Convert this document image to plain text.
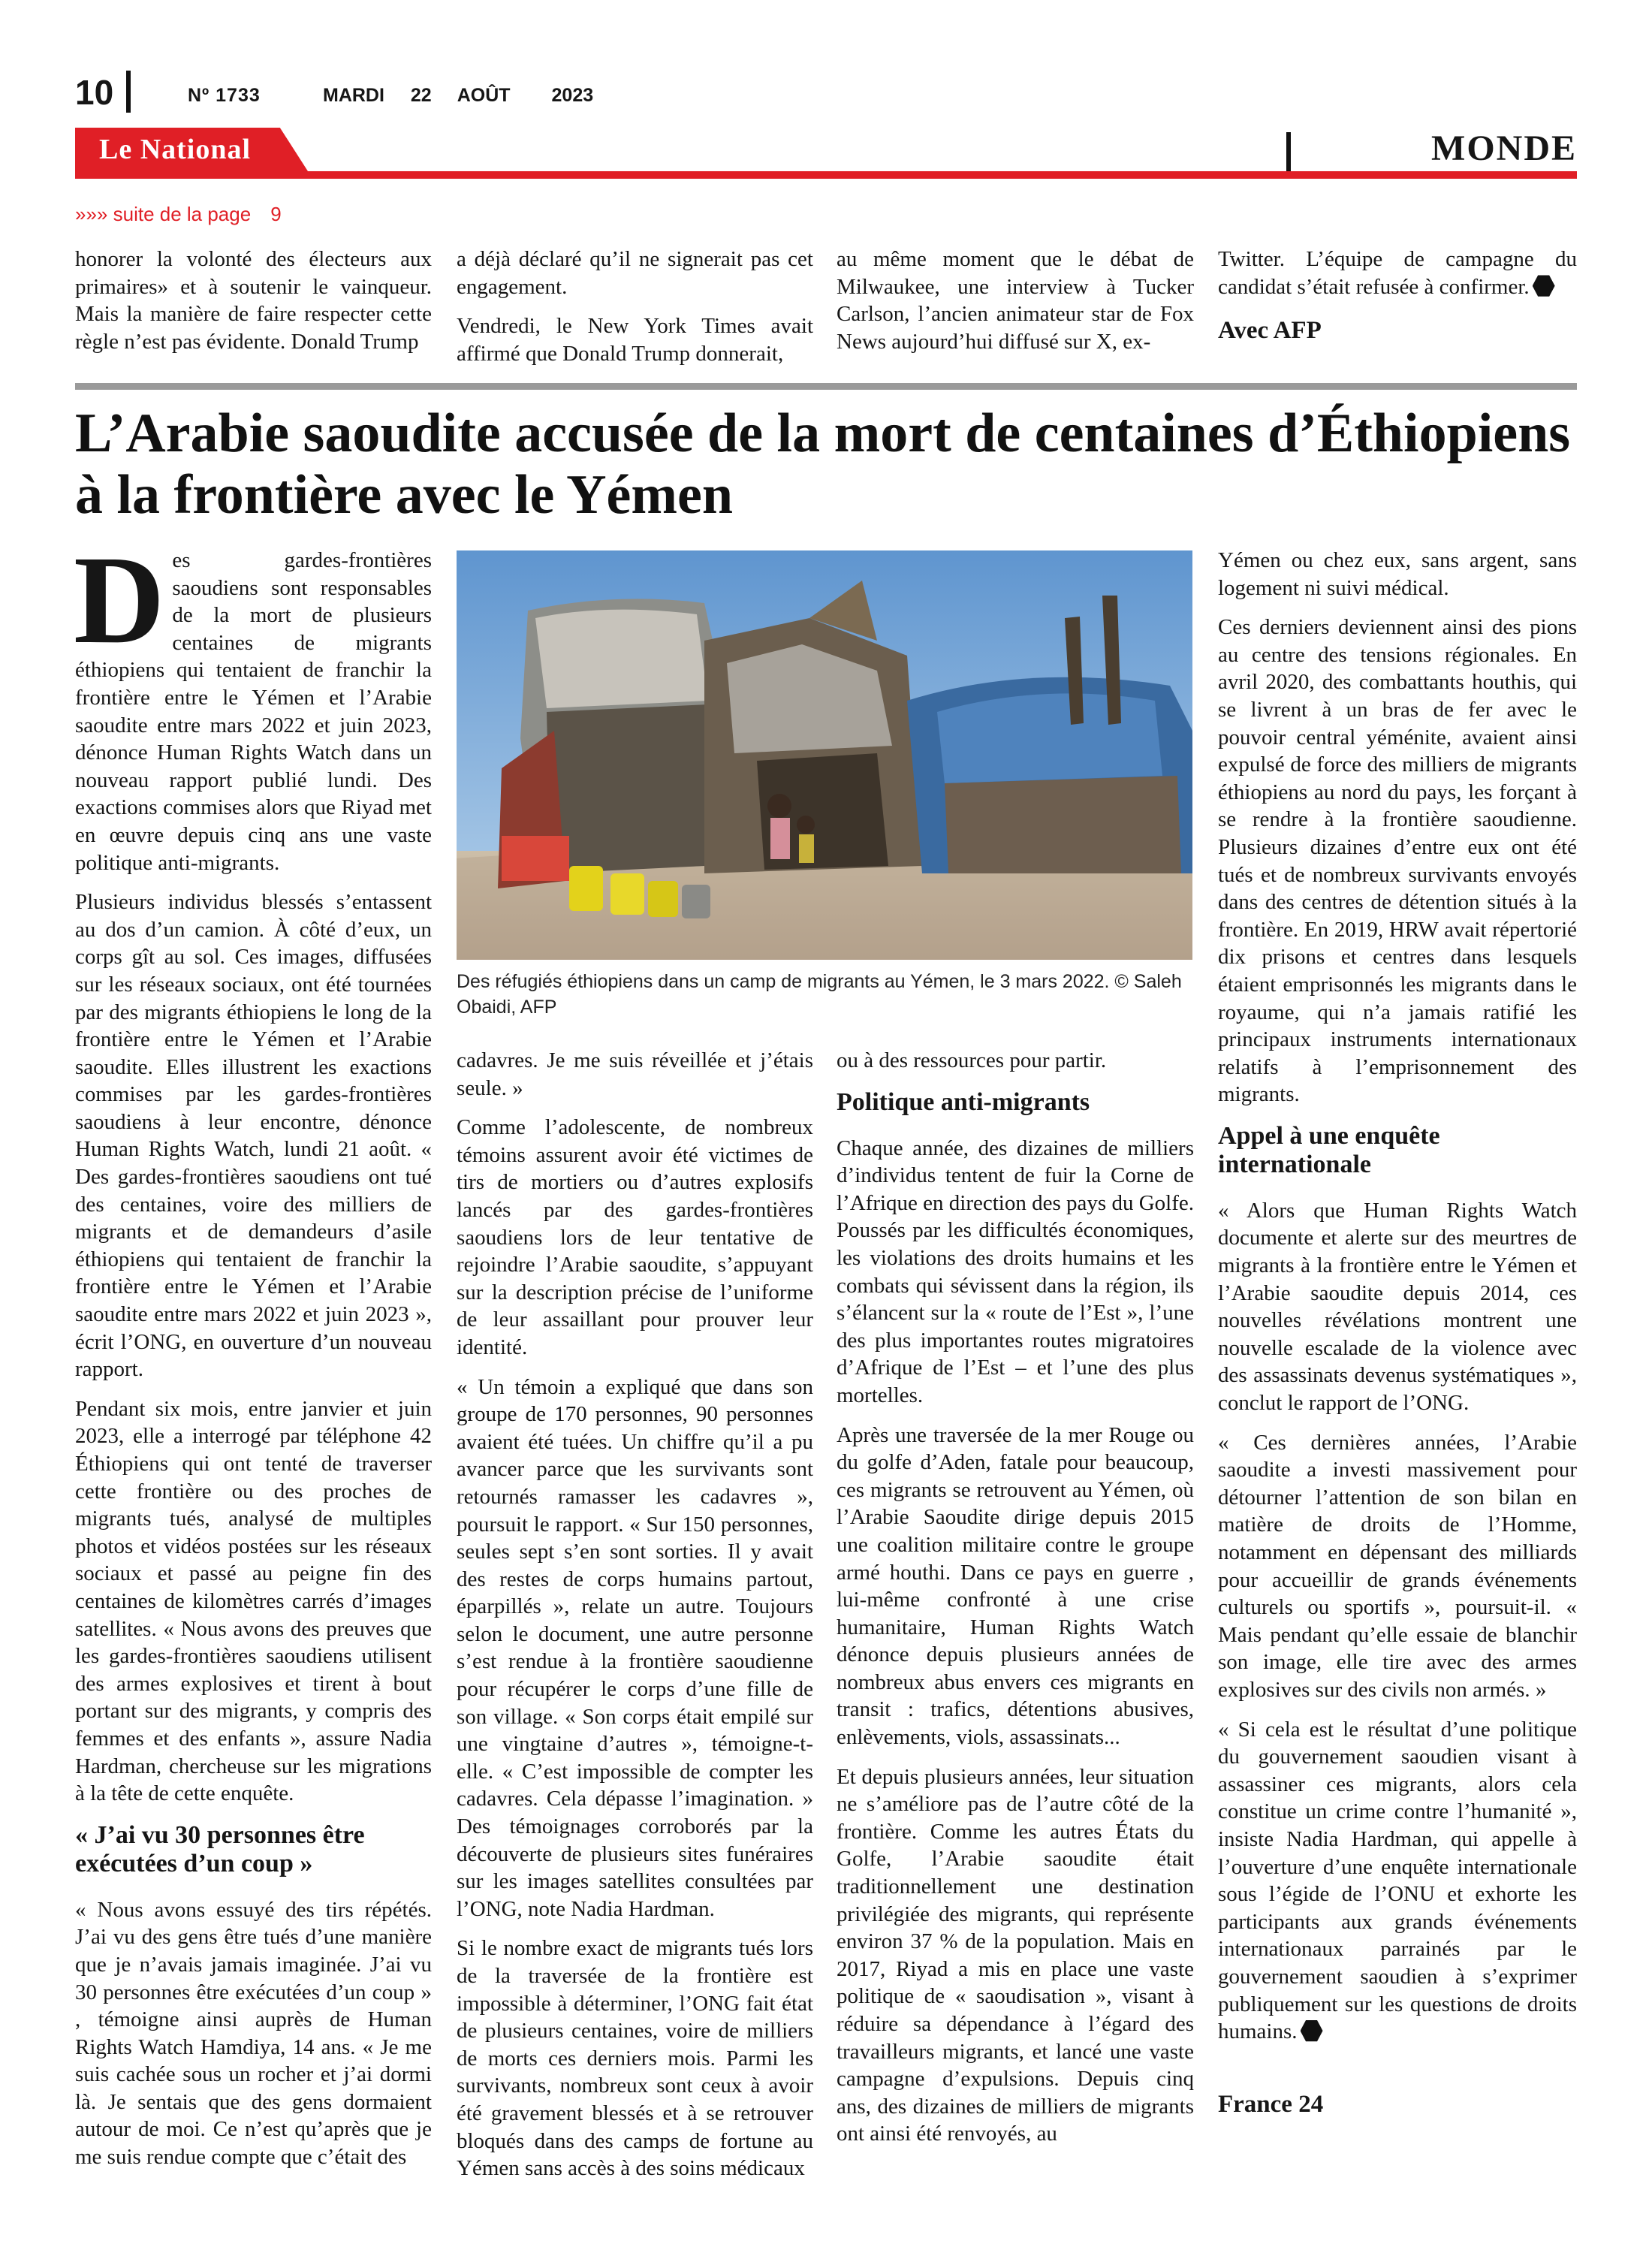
10	Nº 1733	MARDI 22 AOÛT 2023
Le National	MONDE
»»» suite de la page 9

honorer la volonté des électeurs aux primaires» et à soutenir le vainqueur. Mais la manière de faire respecter cette règle n’est pas évidente. Donald Trump

a déjà déclaré qu’il ne signerait pas cet engagement.

Vendredi, le New York Times avait affirmé que Donald Trump donnerait,

au même moment que le débat de Milwaukee, une interview à Tucker Carlson, l’ancien animateur star de Fox News aujourd’hui diffusé sur X, ex-

Twitter. L’équipe de campagne du candidat s’était refusée à confirmer.

Avec AFP

L’Arabie saoudite accusée de la mort de centaines d’Éthiopiens à la frontière avec le Yémen

Des gardes-frontières saoudiens sont responsables de la mort de plusieurs centaines de migrants éthiopiens qui tentaient de franchir la frontière entre le Yémen et l’Arabie saoudite entre mars 2022 et juin 2023, dénonce Human Rights Watch dans un nouveau rapport publié lundi. Des exactions commises alors que Riyad met en œuvre depuis cinq ans une vaste politique anti-migrants.

Plusieurs individus blessés s’entassent au dos d’un camion. À côté d’eux, un corps gît au sol. Ces images, diffusées sur les réseaux sociaux, ont été tournées par des migrants éthiopiens le long de la frontière entre le Yémen et l’Arabie saoudite. Elles illustrent les exactions commises par les gardes-frontières saoudiens à leur encontre, dénonce Human Rights Watch, lundi 21 août. « Des gardes-frontières saoudiens ont tué des centaines, voire des milliers de migrants et de demandeurs d’asile éthiopiens qui tentaient de franchir la frontière entre le Yémen et l’Arabie saoudite entre mars 2022 et juin 2023 », écrit l’ONG, en ouverture d’un nouveau rapport.

Pendant six mois, entre janvier et juin 2023, elle a interrogé par téléphone 42 Éthiopiens qui ont tenté de traverser cette frontière ou des proches de migrants tués, analysé de multiples photos et vidéos postées sur les réseaux sociaux et passé au peigne fin des centaines de kilomètres carrés d’images satellites. « Nous avons des preuves que les gardes-frontières saoudiens utilisent des armes explosives et tirent à bout portant sur des migrants, y compris des femmes et des enfants », assure Nadia Hardman, chercheuse sur les migrations à la tête de cette enquête.

« J’ai vu 30 personnes être exécutées d’un coup »

« Nous avons essuyé des tirs répétés. J’ai vu des gens être tués d’une manière que je n’avais jamais imaginée. J’ai vu 30 personnes être exécutées d’un coup » , témoigne ainsi auprès de Human Rights Watch Hamdiya, 14 ans. « Je me suis cachée sous un rocher et j’ai dormi là. Je sentais que des gens dormaient autour de moi. Ce n’est qu’après que je me suis rendue compte que c’était des

Des réfugiés éthiopiens dans un camp de migrants au Yémen, le 3 mars 2022. © Saleh Obaidi, AFP

cadavres. Je me suis réveillée et j’étais seule. »

Comme l’adolescente, de nombreux témoins assurent avoir été victimes de tirs de mortiers ou d’autres explosifs lancés par des gardes-frontières saoudiens lors de leur tentative de rejoindre l’Arabie saoudite, s’appuyant sur la description précise de l’uniforme de leur assaillant pour prouver leur identité.

« Un témoin a expliqué que dans son groupe de 170 personnes, 90 personnes avaient été tuées. Un chiffre qu’il a pu avancer parce que les survivants sont retournés ramasser les cadavres », poursuit le rapport. « Sur 150 personnes, seules sept s’en sont sorties. Il y avait des restes de corps humains partout, éparpillés », relate un autre. Toujours selon le document, une autre personne s’est rendue à la frontière saoudienne pour récupérer le corps d’une fille de son village. « Son corps était empilé sur une vingtaine d’autres », témoigne-t-elle. « C’est impossible de compter les cadavres. Cela dépasse l’imagination. » Des témoignages corroborés par la découverte de plusieurs sites funéraires sur les images satellites consultées par l’ONG, note Nadia Hardman.

Si le nombre exact de migrants tués lors de la traversée de la frontière est impossible à déterminer, l’ONG fait état de plusieurs centaines, voire de milliers de morts ces derniers mois. Parmi les survivants, nombreux sont ceux à avoir été gravement blessés et à se retrouver bloqués dans des camps de fortune au Yémen sans accès à des soins médicaux

ou à des ressources pour partir.

Politique anti-migrants

Chaque année, des dizaines de milliers d’individus tentent de fuir la Corne de l’Afrique en direction des pays du Golfe. Poussés par les difficultés économiques, les violations des droits humains et les combats qui sévissent dans la région, ils s’élancent sur la « route de l’Est », l’une des plus importantes routes migratoires d’Afrique de l’Est – et l’une des plus mortelles.

Après une traversée de la mer Rouge ou du golfe d’Aden, fatale pour beaucoup, ces migrants se retrouvent au Yémen, où l’Arabie Saoudite dirige depuis 2015 une coalition militaire contre le groupe armé houthi. Dans ce pays en guerre , lui-même confronté à une crise humanitaire, Human Rights Watch dénonce depuis plusieurs années de nombreux abus envers ces migrants en transit : trafics, détentions abusives, enlèvements, viols, assassinats...

Et depuis plusieurs années, leur situation ne s’améliore pas de l’autre côté de la frontière. Comme les autres États du Golfe, l’Arabie saoudite était traditionnellement une destination privilégiée des migrants, qui représente environ 37 % de la population. Mais en 2017, Riyad a mis en place une vaste politique de « saoudisation », visant à réduire sa dépendance à l’égard des travailleurs migrants, et lancé une vaste campagne d’expulsions. Depuis cinq ans, des dizaines de milliers de migrants ont ainsi été renvoyés, au

Yémen ou chez eux, sans argent, sans logement ni suivi médical.

Ces derniers deviennent ainsi des pions au centre des tensions régionales. En avril 2020, des combattants houthis, qui se livrent à un bras de fer avec le pouvoir central yéménite, avaient ainsi expulsé de force des milliers de migrants éthiopiens au nord du pays, les forçant à se rendre à la frontière saoudienne. Plusieurs dizaines d’entre eux ont été tués et de nombreux survivants envoyés dans des centres de détention situés à la frontière. En 2019, HRW avait répertorié dix prisons et centres dans lesquels étaient emprisonnés les migrants dans le royaume, qui n’a jamais ratifié les principaux instruments internationaux relatifs à l’emprisonnement des migrants.

Appel à une enquête internationale

« Alors que Human Rights Watch documente et alerte sur des meurtres de migrants à la frontière entre le Yémen et l’Arabie saoudite depuis 2014, ces nouvelles révélations montrent une nouvelle escalade de la violence avec des assassinats devenus systématiques », conclut le rapport de l’ONG.

« Ces dernières années, l’Arabie saoudite a investi massivement pour détourner l’attention de son bilan en matière de droits de l’Homme, notamment en dépensant des milliards pour accueillir de grands événements culturels ou sportifs », poursuit-il. « Mais pendant qu’elle essaie de blanchir son image, elle tire avec des armes explosives sur des civils non armés. »

« Si cela est le résultat d’une politique du gouvernement saoudien visant à assassiner ces migrants, alors cela constitue un crime contre l’humanité », insiste Nadia Hardman, qui appelle à l’ouverture d’une enquête internationale sous l’égide de l’ONU et exhorte les participants aux grands événements internationaux parrainés par le gouvernement saoudien à s’exprimer publiquement sur les questions de droits humains.

France 24
